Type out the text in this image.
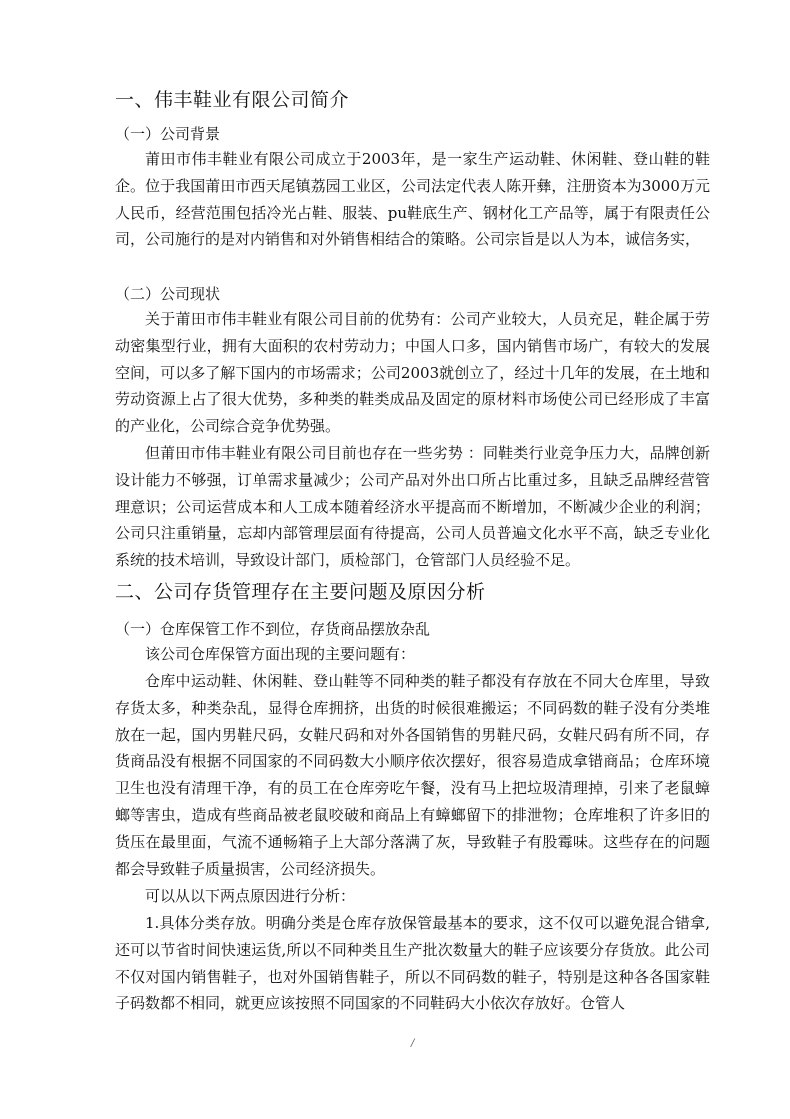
一、伟丰鞋业有限公司简介
（一）公司背景

莆田市伟丰鞋业有限公司成立于2003年，是一家生产运动鞋、休闲鞋、登山鞋的鞋企。位于我国莆田市西天尾镇荔园工业区，公司法定代表人陈开彝，注册资本为3000万元人民币，经营范围包括冷光占鞋、服装、pu鞋底生产、钢材化工产品等，属于有限责任公司，公司施行的是对内销售和对外销售相结合的策略。公司宗旨是以人为本，诚信务实，

（二）公司现状

关于莆田市伟丰鞋业有限公司目前的优势有：公司产业较大，人员充足，鞋企属于劳动密集型行业，拥有大面积的农村劳动力；中国人口多，国内销售市场广，有较大的发展空间，可以多了解下国内的市场需求；公司2003就创立了，经过十几年的发展，在土地和劳动资源上占了很大优势，多种类的鞋类成品及固定的原材料市场使公司已经形成了丰富的产业化，公司综合竞争优势强。

但莆田市伟丰鞋业有限公司目前也存在一些劣势 ：同鞋类行业竞争压力大，品牌创新设计能力不够强，订单需求量减少；公司产品对外出口所占比重过多，且缺乏品牌经营管理意识；公司运营成本和人工成本随着经济水平提高而不断增加，不断减少企业的利润；公司只注重销量，忘却内部管理层面有待提高，公司人员普遍文化水平不高，缺乏专业化系统的技术培训，导致设计部门，质检部门，仓管部门人员经验不足。

二、公司存货管理存在主要问题及原因分析
（一）仓库保管工作不到位，存货商品摆放杂乱

该公司仓库保管方面出现的主要问题有：

仓库中运动鞋、休闲鞋、登山鞋等不同种类的鞋子都没有存放在不同大仓库里，导致存货太多，种类杂乱，显得仓库拥挤，出货的时候很难搬运；不同码数的鞋子没有分类堆放在一起，国内男鞋尺码，女鞋尺码和对外各国销售的男鞋尺码，女鞋尺码有所不同，存货商品没有根据不同国家的不同码数大小顺序依次摆好，很容易造成拿错商品；仓库环境卫生也没有清理干净，有的员工在仓库旁吃午餐，没有马上把垃圾清理掉，引来了老鼠蟑螂等害虫，造成有些商品被老鼠咬破和商品上有蟑螂留下的排泄物；仓库堆积了许多旧的货压在最里面，气流不通畅箱子上大部分落满了灰，导致鞋子有股霉味。这些存在的问题都会导致鞋子质量损害，公司经济损失。

可以从以下两点原因进行分析：

1.具体分类存放。明确分类是仓库存放保管最基本的要求，这不仅可以避免混合错拿,还可以节省时间快速运货,所以不同种类且生产批次数量大的鞋子应该要分存货放。此公司不仅对国内销售鞋子，也对外国销售鞋子，所以不同码数的鞋子，特别是这种各各国家鞋子码数都不相同，就更应该按照不同国家的不同鞋码大小依次存放好。仓管人

/
